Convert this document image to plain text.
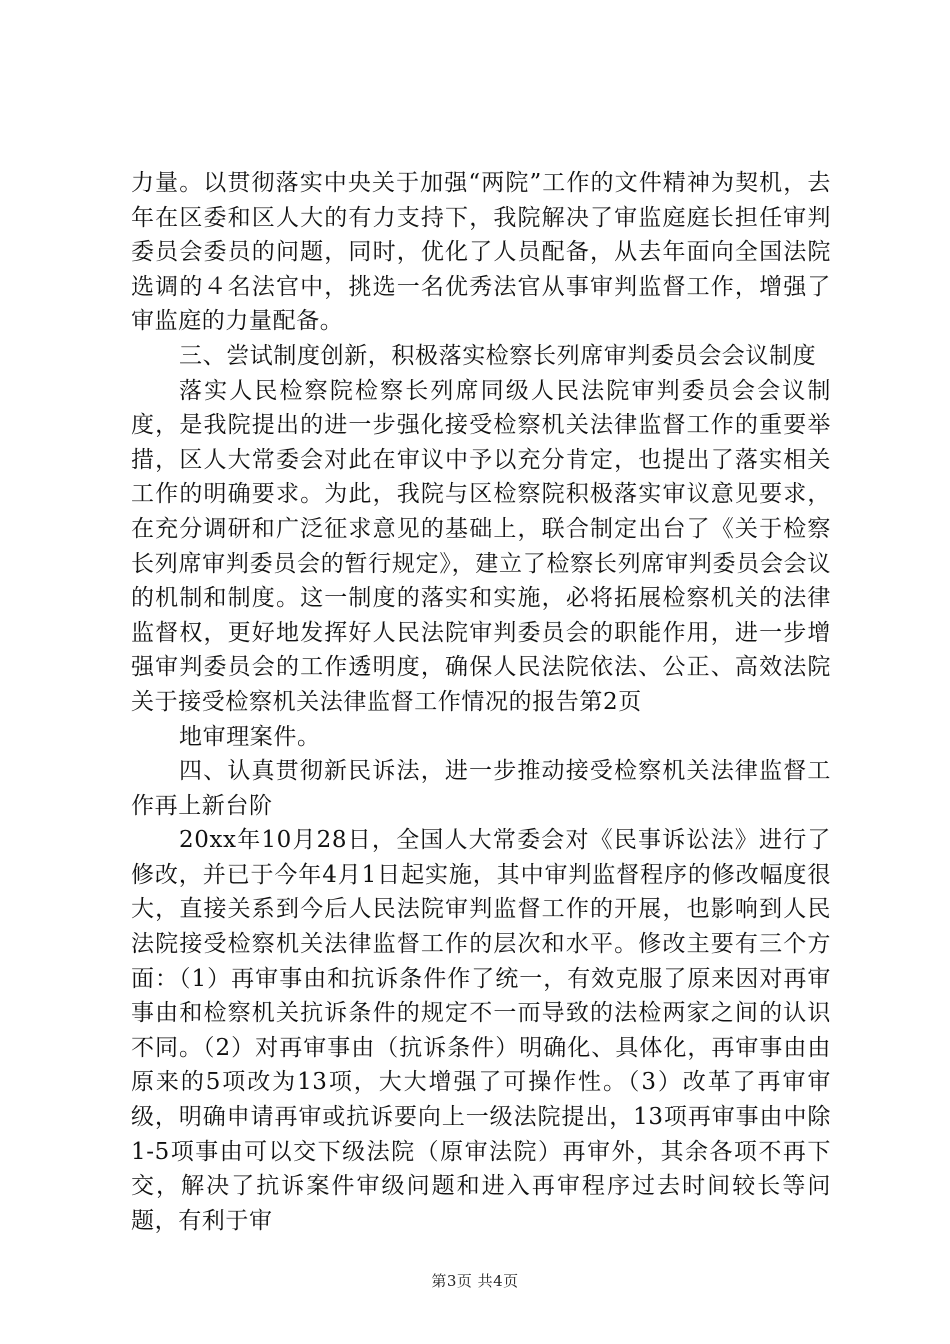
力量。以贯彻落实中央关于加强“两院”工作的文件精神为契机，去年在区委和区人大的有力支持下，我院解决了审监庭庭长担任审判委员会委员的问题，同时，优化了人员配备，从去年面向全国法院选调的４名法官中，挑选一名优秀法官从事审判监督工作，增强了审监庭的力量配备。

三、尝试制度创新，积极落实检察长列席审判委员会会议制度

落实人民检察院检察长列席同级人民法院审判委员会会议制度，是我院提出的进一步强化接受检察机关法律监督工作的重要举措，区人大常委会对此在审议中予以充分肯定，也提出了落实相关工作的明确要求。为此，我院与区检察院积极落实审议意见要求，在充分调研和广泛征求意见的基础上，联合制定出台了《关于检察长列席审判委员会的暂行规定》，建立了检察长列席审判委员会会议的机制和制度。这一制度的落实和实施，必将拓展检察机关的法律监督权，更好地发挥好人民法院审判委员会的职能作用，进一步增强审判委员会的工作透明度，确保人民法院依法、公正、高效法院关于接受检察机关法律监督工作情况的报告第2页

地审理案件。

四、认真贯彻新民诉法，进一步推动接受检察机关法律监督工作再上新台阶

20xx年10月28日，全国人大常委会对《民事诉讼法》进行了修改，并已于今年4月1日起实施，其中审判监督程序的修改幅度很大，直接关系到今后人民法院审判监督工作的开展，也影响到人民法院接受检察机关法律监督工作的层次和水平。修改主要有三个方面：（1）再审事由和抗诉条件作了统一，有效克服了原来因对再审事由和检察机关抗诉条件的规定不一而导致的法检两家之间的认识不同。（2）对再审事由（抗诉条件）明确化、具体化，再审事由由原来的5项改为13项，大大增强了可操作性。（3）改革了再审审级，明确申请再审或抗诉要向上一级法院提出，13项再审事由中除1-5项事由可以交下级法院（原审法院）再审外，其余各项不再下交，解决了抗诉案件审级问题和进入再审程序过去时间较长等问题，有利于审

第3页 共4页
